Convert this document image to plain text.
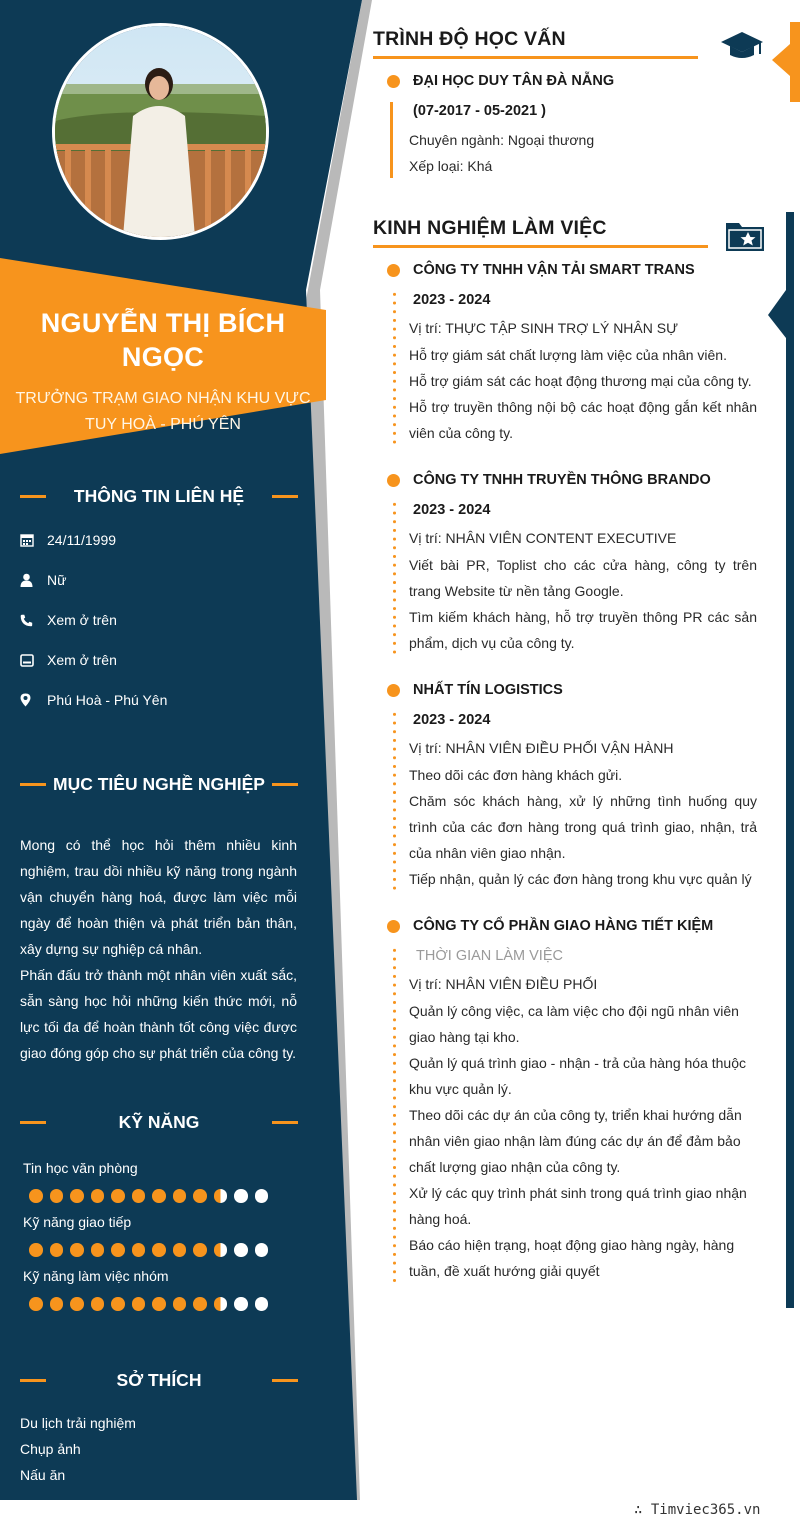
NGUYỄN THỊ BÍCH NGỌC
TRƯỞNG TRẠM GIAO NHẬN KHU VỰC TUY HOÀ - PHÚ YÊN
THÔNG TIN LIÊN HỆ
24/11/1999
Nữ
Xem ở trên
Xem ở trên
Phú Hoà - Phú Yên
MỤC TIÊU NGHỀ NGHIỆP

Mong có thể học hỏi thêm nhiều kinh nghiệm, trau dồi nhiều kỹ năng trong ngành vận chuyển hàng hoá, được làm việc mỗi ngày để hoàn thiện và phát triển bản thân, xây dựng sự nghiệp cá nhân.

Phấn đấu trở thành một nhân viên xuất sắc, sẵn sàng học hỏi những kiến thức mới, nỗ lực tối đa để hoàn thành tốt công việc được giao đóng góp cho sự phát triển của công ty.

KỸ NĂNG
Tin học văn phòng
Kỹ năng giao tiếp
Kỹ năng làm việc nhóm
SỞ THÍCH
Du lịch trải nghiệm
Chụp ảnh
Nấu ăn
TRÌNH ĐỘ HỌC VẤN
ĐẠI HỌC DUY TÂN ĐÀ NẴNG
(07-2017 - 05-2021 )
Chuyên ngành: Ngoại thương
Xếp loại: Khá
KINH NGHIỆM LÀM VIỆC
CÔNG TY TNHH VẬN TẢI SMART TRANS
2023 - 2024
Vị trí: THỰC TẬP SINH TRỢ LÝ NHÂN SỰ

Hỗ trợ giám sát chất lượng làm việc của nhân viên.

Hỗ trợ giám sát các hoạt động thương mại của công ty.

Hỗ trợ truyền thông nội bộ các hoạt động gắn kết nhân viên của công ty.

CÔNG TY TNHH TRUYỀN THÔNG BRANDO
2023 - 2024
Vị trí: NHÂN VIÊN CONTENT EXECUTIVE

Viết bài PR, Toplist cho các cửa hàng, công ty trên trang Website từ nền tảng Google.

Tìm kiếm khách hàng, hỗ trợ truyền thông PR các sản phẩm, dịch vụ của công ty.

NHẤT TÍN LOGISTICS
2023 - 2024
Vị trí: NHÂN VIÊN ĐIỀU PHỐI VẬN HÀNH

Theo dõi các đơn hàng khách gửi.

Chăm sóc khách hàng, xử lý những tình huống quy trình của các đơn hàng trong quá trình giao, nhận, trả của nhân viên giao nhận.

Tiếp nhận, quản lý các đơn hàng trong khu vực quản lý

CÔNG TY CỔ PHẦN GIAO HÀNG TIẾT KIỆM
THỜI GIAN LÀM VIỆC
Vị trí: NHÂN VIÊN ĐIỀU PHỐI

Quản lý công việc, ca làm việc cho đội ngũ nhân viên giao hàng tại kho.

Quản lý quá trình giao - nhận - trả của hàng hóa thuộc khu vực quản lý.

Theo dõi các dự án của công ty, triển khai hướng dẫn nhân viên giao nhận làm đúng các dự án để đảm bảo chất lượng giao nhận của công ty.

Xử lý các quy trình phát sinh trong quá trình giao nhận hàng hoá.

Báo cáo hiện trạng, hoạt động giao hàng ngày, hàng tuần, đề xuất hướng giải quyết

∴ Timviec365.vn
